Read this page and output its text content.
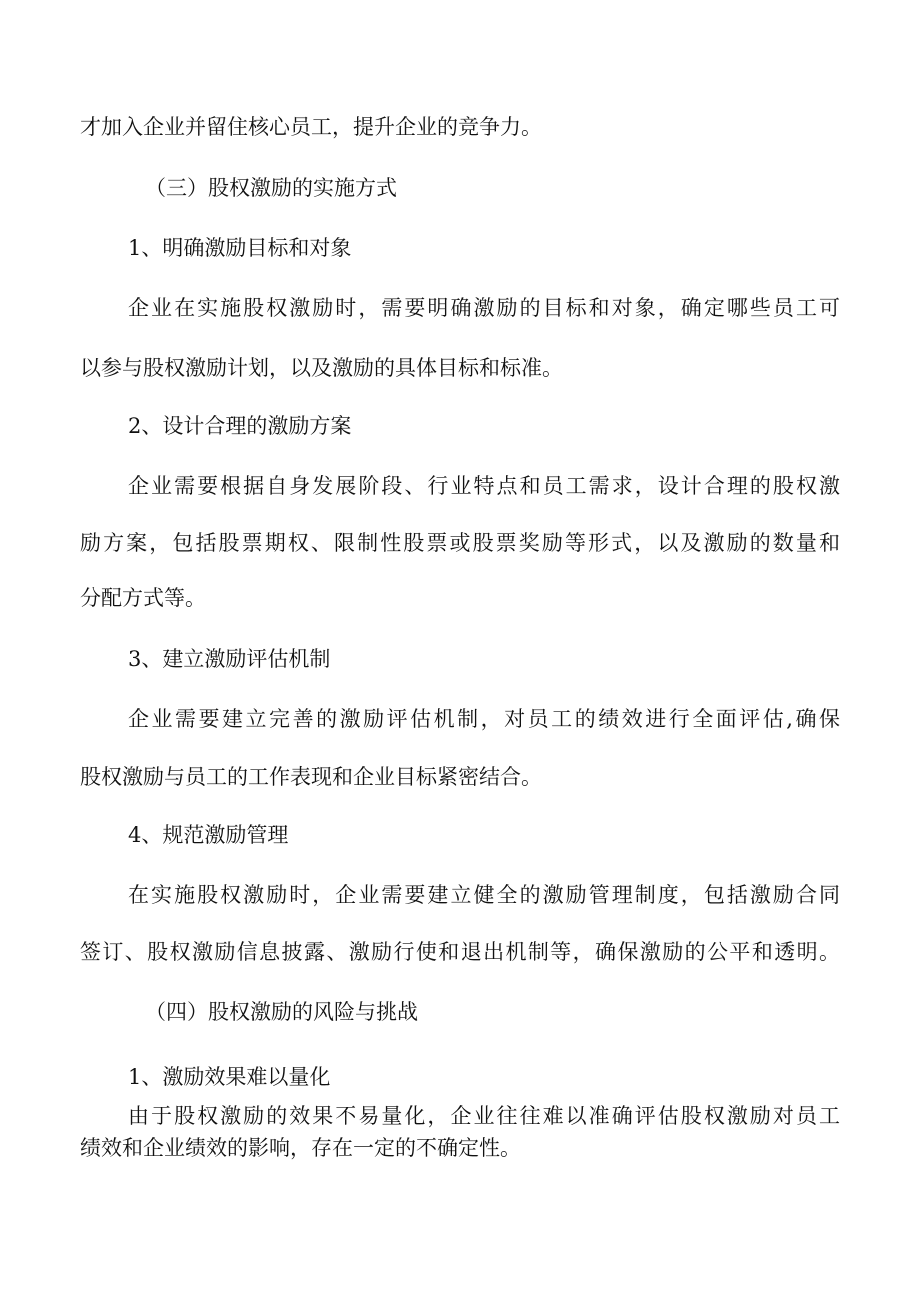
才加入企业并留住核心员工，提升企业的竞争力。
（三）股权激励的实施方式
1、明确激励目标和对象
企业在实施股权激励时，需要明确激励的目标和对象，确定哪些员工可
以参与股权激励计划，以及激励的具体目标和标准。
2、设计合理的激励方案
企业需要根据自身发展阶段、行业特点和员工需求，设计合理的股权激
励方案，包括股票期权、限制性股票或股票奖励等形式，以及激励的数量和
分配方式等。
3、建立激励评估机制
企业需要建立完善的激励评估机制，对员工的绩效进行全面评估,确保
股权激励与员工的工作表现和企业目标紧密结合。
4、规范激励管理
在实施股权激励时，企业需要建立健全的激励管理制度，包括激励合同
签订、股权激励信息披露、激励行使和退出机制等，确保激励的公平和透明。
（四）股权激励的风险与挑战
1、激励效果难以量化
由于股权激励的效果不易量化，企业往往难以准确评估股权激励对员工
绩效和企业绩效的影响，存在一定的不确定性。
